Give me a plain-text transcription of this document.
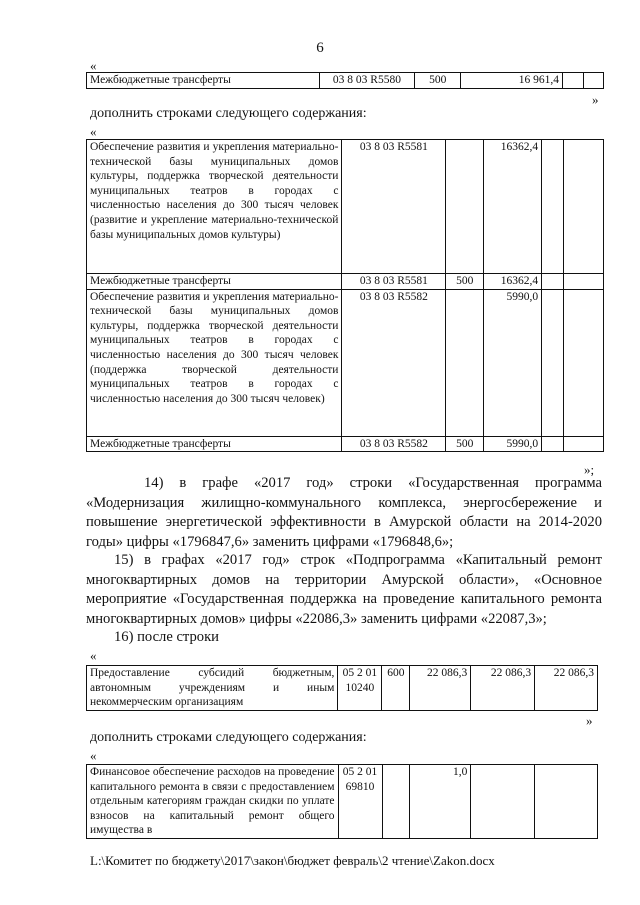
6
«
Межбюджетные трансферты	03 8 03 R5580	500	16 961,4		
»
дополнить строками следующего содержания:
«
Обеспечение развития и укрепления материально-технической базы муниципальных домов культуры, поддержка творческой деятельности муниципальных театров в городах с численностью населения до 300 тысяч человек (развитие и укрепление материально-технической базы муниципальных домов культуры)	03 8 03 R5581		16362,4		
Межбюджетные трансферты	03 8 03 R5581	500	16362,4		
Обеспечение развития и укрепления материально-технической базы муниципальных домов культуры, поддержка творческой деятельности муниципальных театров в городах с численностью населения до 300 тысяч человек (поддержка творческой деятельности муниципальных театров в городах с численностью населения до 300 тысяч человек)	03 8 03 R5582		5990,0		
Межбюджетные трансферты	03 8 03 R5582	500	5990,0		
»;
14) в графе «2017 год» строки «Государственная программа «Модернизация жилищно-коммунального комплекса, энергосбережение и повышение энергетической эффективности в Амурской области на 2014-2020 годы» цифры «1796847,6» заменить цифрами «1796848,6»;
15) в графах «2017 год» строк «Подпрограмма «Капитальный ремонт многоквартирных домов на территории Амурской области», «Основное мероприятие «Государственная поддержка на проведение капитального ремонта многоквартирных домов» цифры «22086,3» заменить цифрами «22087,3»;
16) после строки
«
Предоставление субсидий бюджетным, автономным учреждениям и иным некоммерческим организациям	05 2 01 10240	600	22 086,3	22 086,3	22 086,3
»
дополнить строками следующего содержания:
«
Финансовое обеспечение расходов на проведение капитального ремонта в связи с предоставлением отдельным категориям граждан скидки по уплате взносов на капитальный ремонт общего имущества в	05 2 01 69810		1,0		
L:\Комитет по бюджету\2017\закон\бюджет февраль\2 чтение\Zakon.docx
